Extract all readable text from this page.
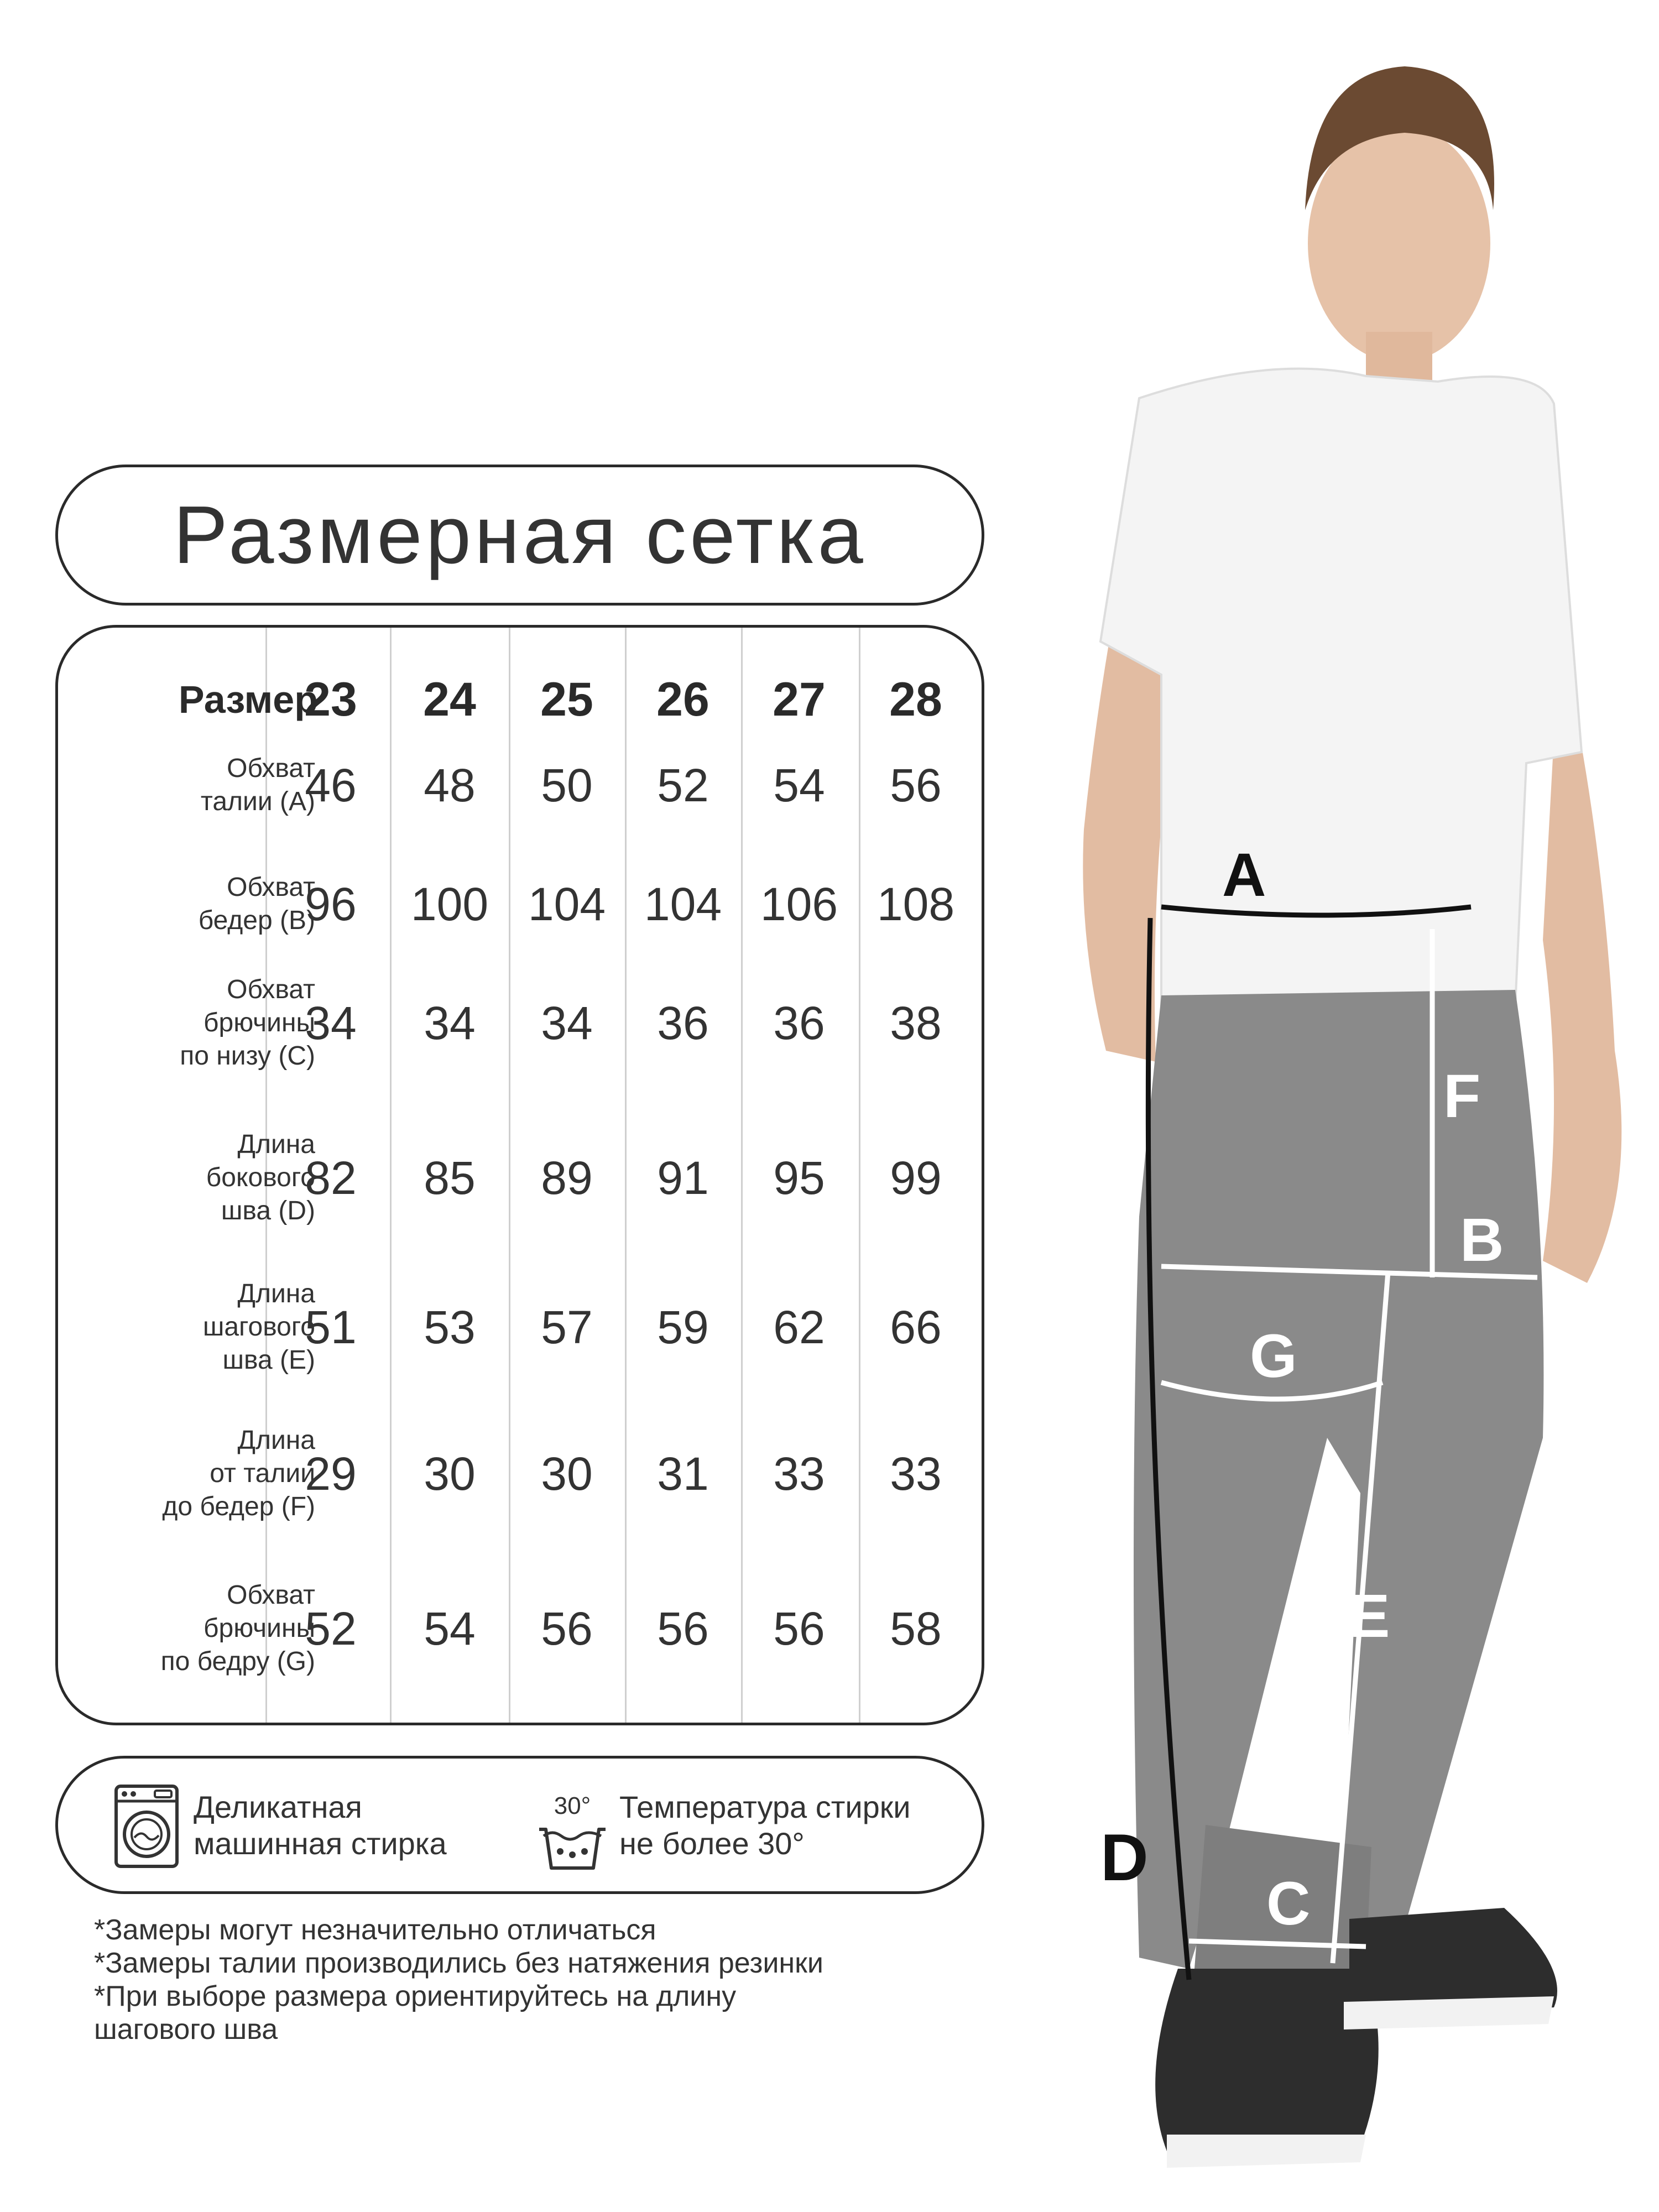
Размерная сетка
Размер
23	24	25	26	27	28
Обхват
талии (A)
46	48	50	52	54	56
Обхват
бедер (B)
96	100 104 104 106 108
Обхват
брючины
по низу (C)
34	34	34	36	36	38
Длина
бокового
шва (D)
82	85	89	91	95	99
Длина
шагового
шва (E)
51	53	57	59	62	66
Длина
от талии
до бедер (F)
29	30	30	31	33	33
Обхват
брючины
по бедру (G)
52	54	56	56	56	58
Деликатная
машинная стирка
30° Температура стирки
не более 30°
*Замеры могут незначительно отличаться
*Замеры талии производились без натяжения резинки
*При выборе размера ориентируйтесь на длину
шагового шва
A
F
B
G
E
C
D
